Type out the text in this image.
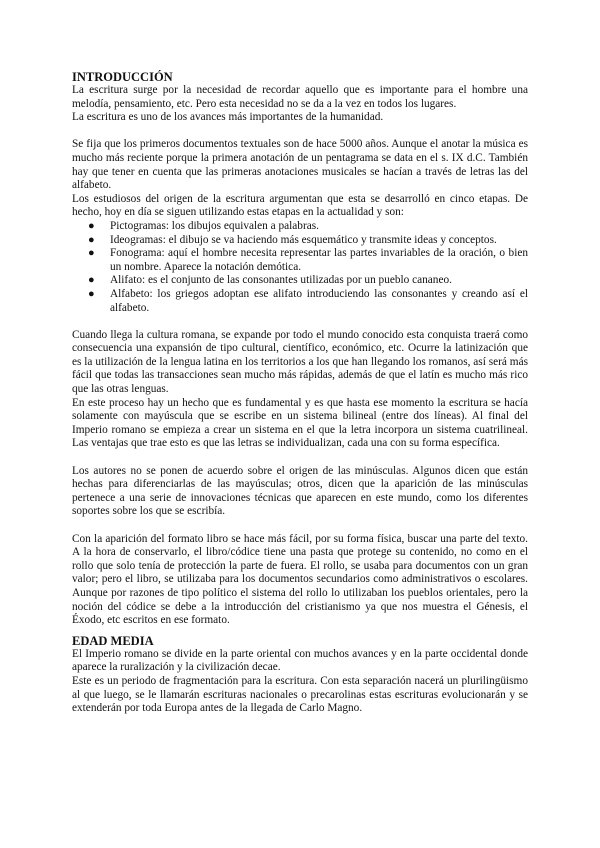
INTRODUCCIÓN

La escritura surge por la necesidad de recordar aquello que es importante para el hombre una melodía, pensamiento, etc. Pero esta necesidad no se da a la vez en todos los lugares.

La escritura es uno de los avances más importantes de la humanidad.

Se fija que los primeros documentos textuales son de hace 5000 años. Aunque el anotar la música es mucho más reciente porque la primera anotación de un pentagrama se data en el s. IX d.C. También hay que tener en cuenta que las primeras anotaciones musicales se hacían a través de letras las del alfabeto.

Los estudiosos del origen de la escritura argumentan que esta se desarrolló en cinco etapas. De hecho, hoy en día se siguen utilizando estas etapas en la actualidad y son:

● Pictogramas: los dibujos equivalen a palabras.
● Ideogramas: el dibujo se va haciendo más esquemático y transmite ideas y conceptos.
● Fonograma: aquí el hombre necesita representar las partes invariables de la oración, o bien un nombre. Aparece la notación demótica.
● Alifato: es el conjunto de las consonantes utilizadas por un pueblo cananeo.
● Alfabeto: los griegos adoptan ese alifato introduciendo las consonantes y creando así el alfabeto.

Cuando llega la cultura romana, se expande por todo el mundo conocido esta conquista traerá como consecuencia una expansión de tipo cultural, científico, económico, etc. Ocurre la latinización que es la utilización de la lengua latina en los territorios a los que han llegando los romanos, así será más fácil que todas las transacciones sean mucho más rápidas, además de que el latín es mucho más rico que las otras lenguas.

En este proceso hay un hecho que es fundamental y es que hasta ese momento la escritura se hacía solamente con mayúscula que se escribe en un sistema bilineal (entre dos líneas). Al final del Imperio romano se empieza a crear un sistema en el que la letra incorpora un sistema cuatrilineal. Las ventajas que trae esto es que las letras se individualizan, cada una con su forma específica.

Los autores no se ponen de acuerdo sobre el origen de las minúsculas. Algunos dicen que están hechas para diferenciarlas de las mayúsculas; otros, dicen que la aparición de las minúsculas pertenece a una serie de innovaciones técnicas que aparecen en este mundo, como los diferentes soportes sobre los que se escribía.

Con la aparición del formato libro se hace más fácil, por su forma física, buscar una parte del texto. A la hora de conservarlo, el libro/códice tiene una pasta que protege su contenido, no como en el rollo que solo tenía de protección la parte de fuera. El rollo, se usaba para documentos con un gran valor; pero el libro, se utilizaba para los documentos secundarios como administrativos o escolares. Aunque por razones de tipo político el sistema del rollo lo utilizaban los pueblos orientales, pero la noción del códice se debe a la introducción del cristianismo ya que nos muestra el Génesis, el Éxodo, etc escritos en ese formato.

EDAD MEDIA

El Imperio romano se divide en la parte oriental con muchos avances y en la parte occidental donde aparece la ruralización y la civilización decae.

Este es un periodo de fragmentación para la escritura. Con esta separación nacerá un plurilingüismo al que luego, se le llamarán escrituras nacionales o precarolinas estas escrituras evolucionarán y se extenderán por toda Europa antes de la llegada de Carlo Magno.
